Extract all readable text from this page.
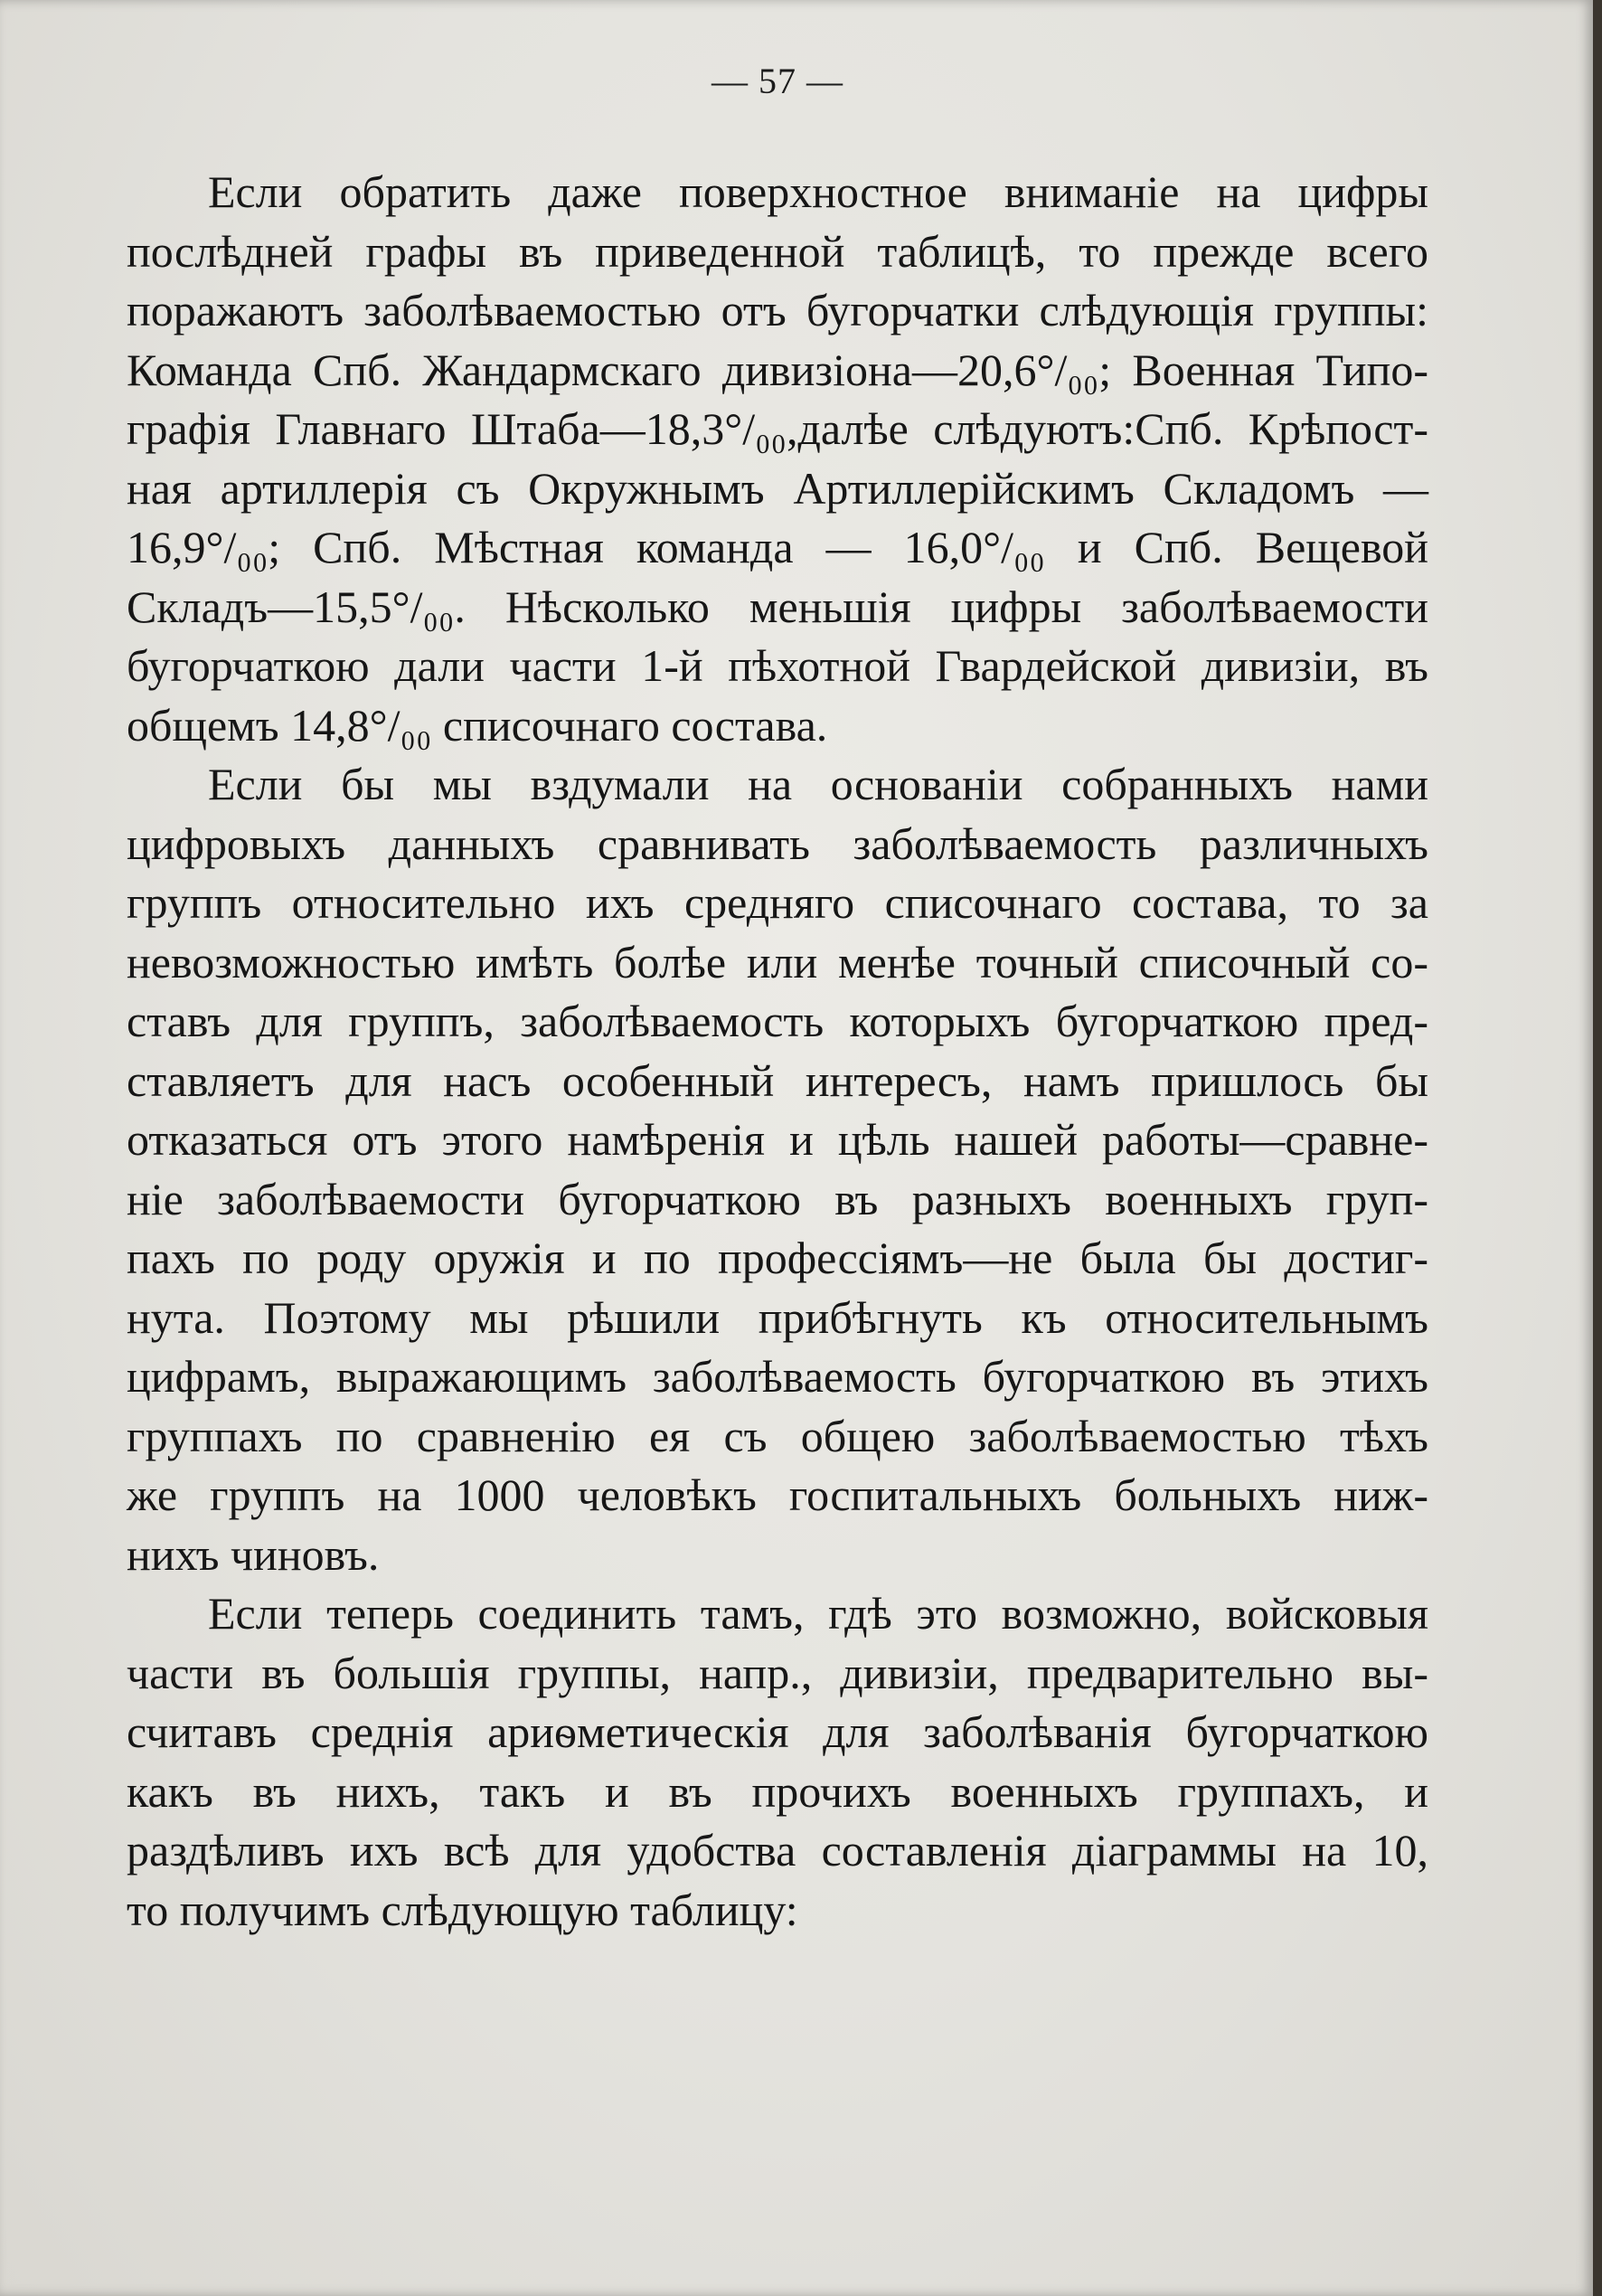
— 57 —
Если обратить даже поверхностное вниманіе на цифры
послѣдней графы въ приведенной таблицѣ, то прежде всего
поражаютъ заболѣваемостью отъ бугорчатки слѣдующія группы:
Команда Спб. Жандармскаго дивизіона—20,6°/₀₀; Военная Типо-
графія Главнаго Штаба—18,3°/₀₀,далѣе слѣдуютъ:Спб. Крѣпост-
ная артиллерія съ Окружнымъ Артиллерійскимъ Складомъ —
16,9°/₀₀; Спб. Мѣстная команда — 16,0°/₀₀ и Спб. Вещевой
Складъ—15,5°/₀₀. Нѣсколько меньшія цифры заболѣваемости
бугорчаткою дали части 1-й пѣхотной Гвардейской дивизіи, въ
общемъ 14,8°/₀₀ списочнаго состава.
Если бы мы вздумали на основаніи собранныхъ нами
цифровыхъ данныхъ сравнивать заболѣваемость различныхъ
группъ относительно ихъ средняго списочнаго состава, то за
невозможностью имѣть болѣе или менѣе точный списочный со-
ставъ для группъ, заболѣваемость которыхъ бугорчаткою пред-
ставляетъ для насъ особенный интересъ, намъ пришлось бы
отказаться отъ этого намѣренія и цѣль нашей работы—сравне-
ніе заболѣваемости бугорчаткою въ разныхъ военныхъ груп-
пахъ по роду оружія и по профессіямъ—не была бы достиг-
нута. Поэтому мы рѣшили прибѣгнуть къ относительнымъ
цифрамъ, выражающимъ заболѣваемость бугорчаткою въ этихъ
группахъ по сравненію ея съ общею заболѣваемостью тѣхъ
же группъ на 1000 человѣкъ госпитальныхъ больныхъ ниж-
нихъ чиновъ.
Если теперь соединить тамъ, гдѣ это возможно, войсковыя
части въ большія группы, напр., дивизіи, предварительно вы-
считавъ среднія ариѳметическія для заболѣванія бугорчаткою
какъ въ нихъ, такъ и въ прочихъ военныхъ группахъ, и
раздѣливъ ихъ всѣ для удобства составленія діаграммы на 10,
то получимъ слѣдующую таблицу:
